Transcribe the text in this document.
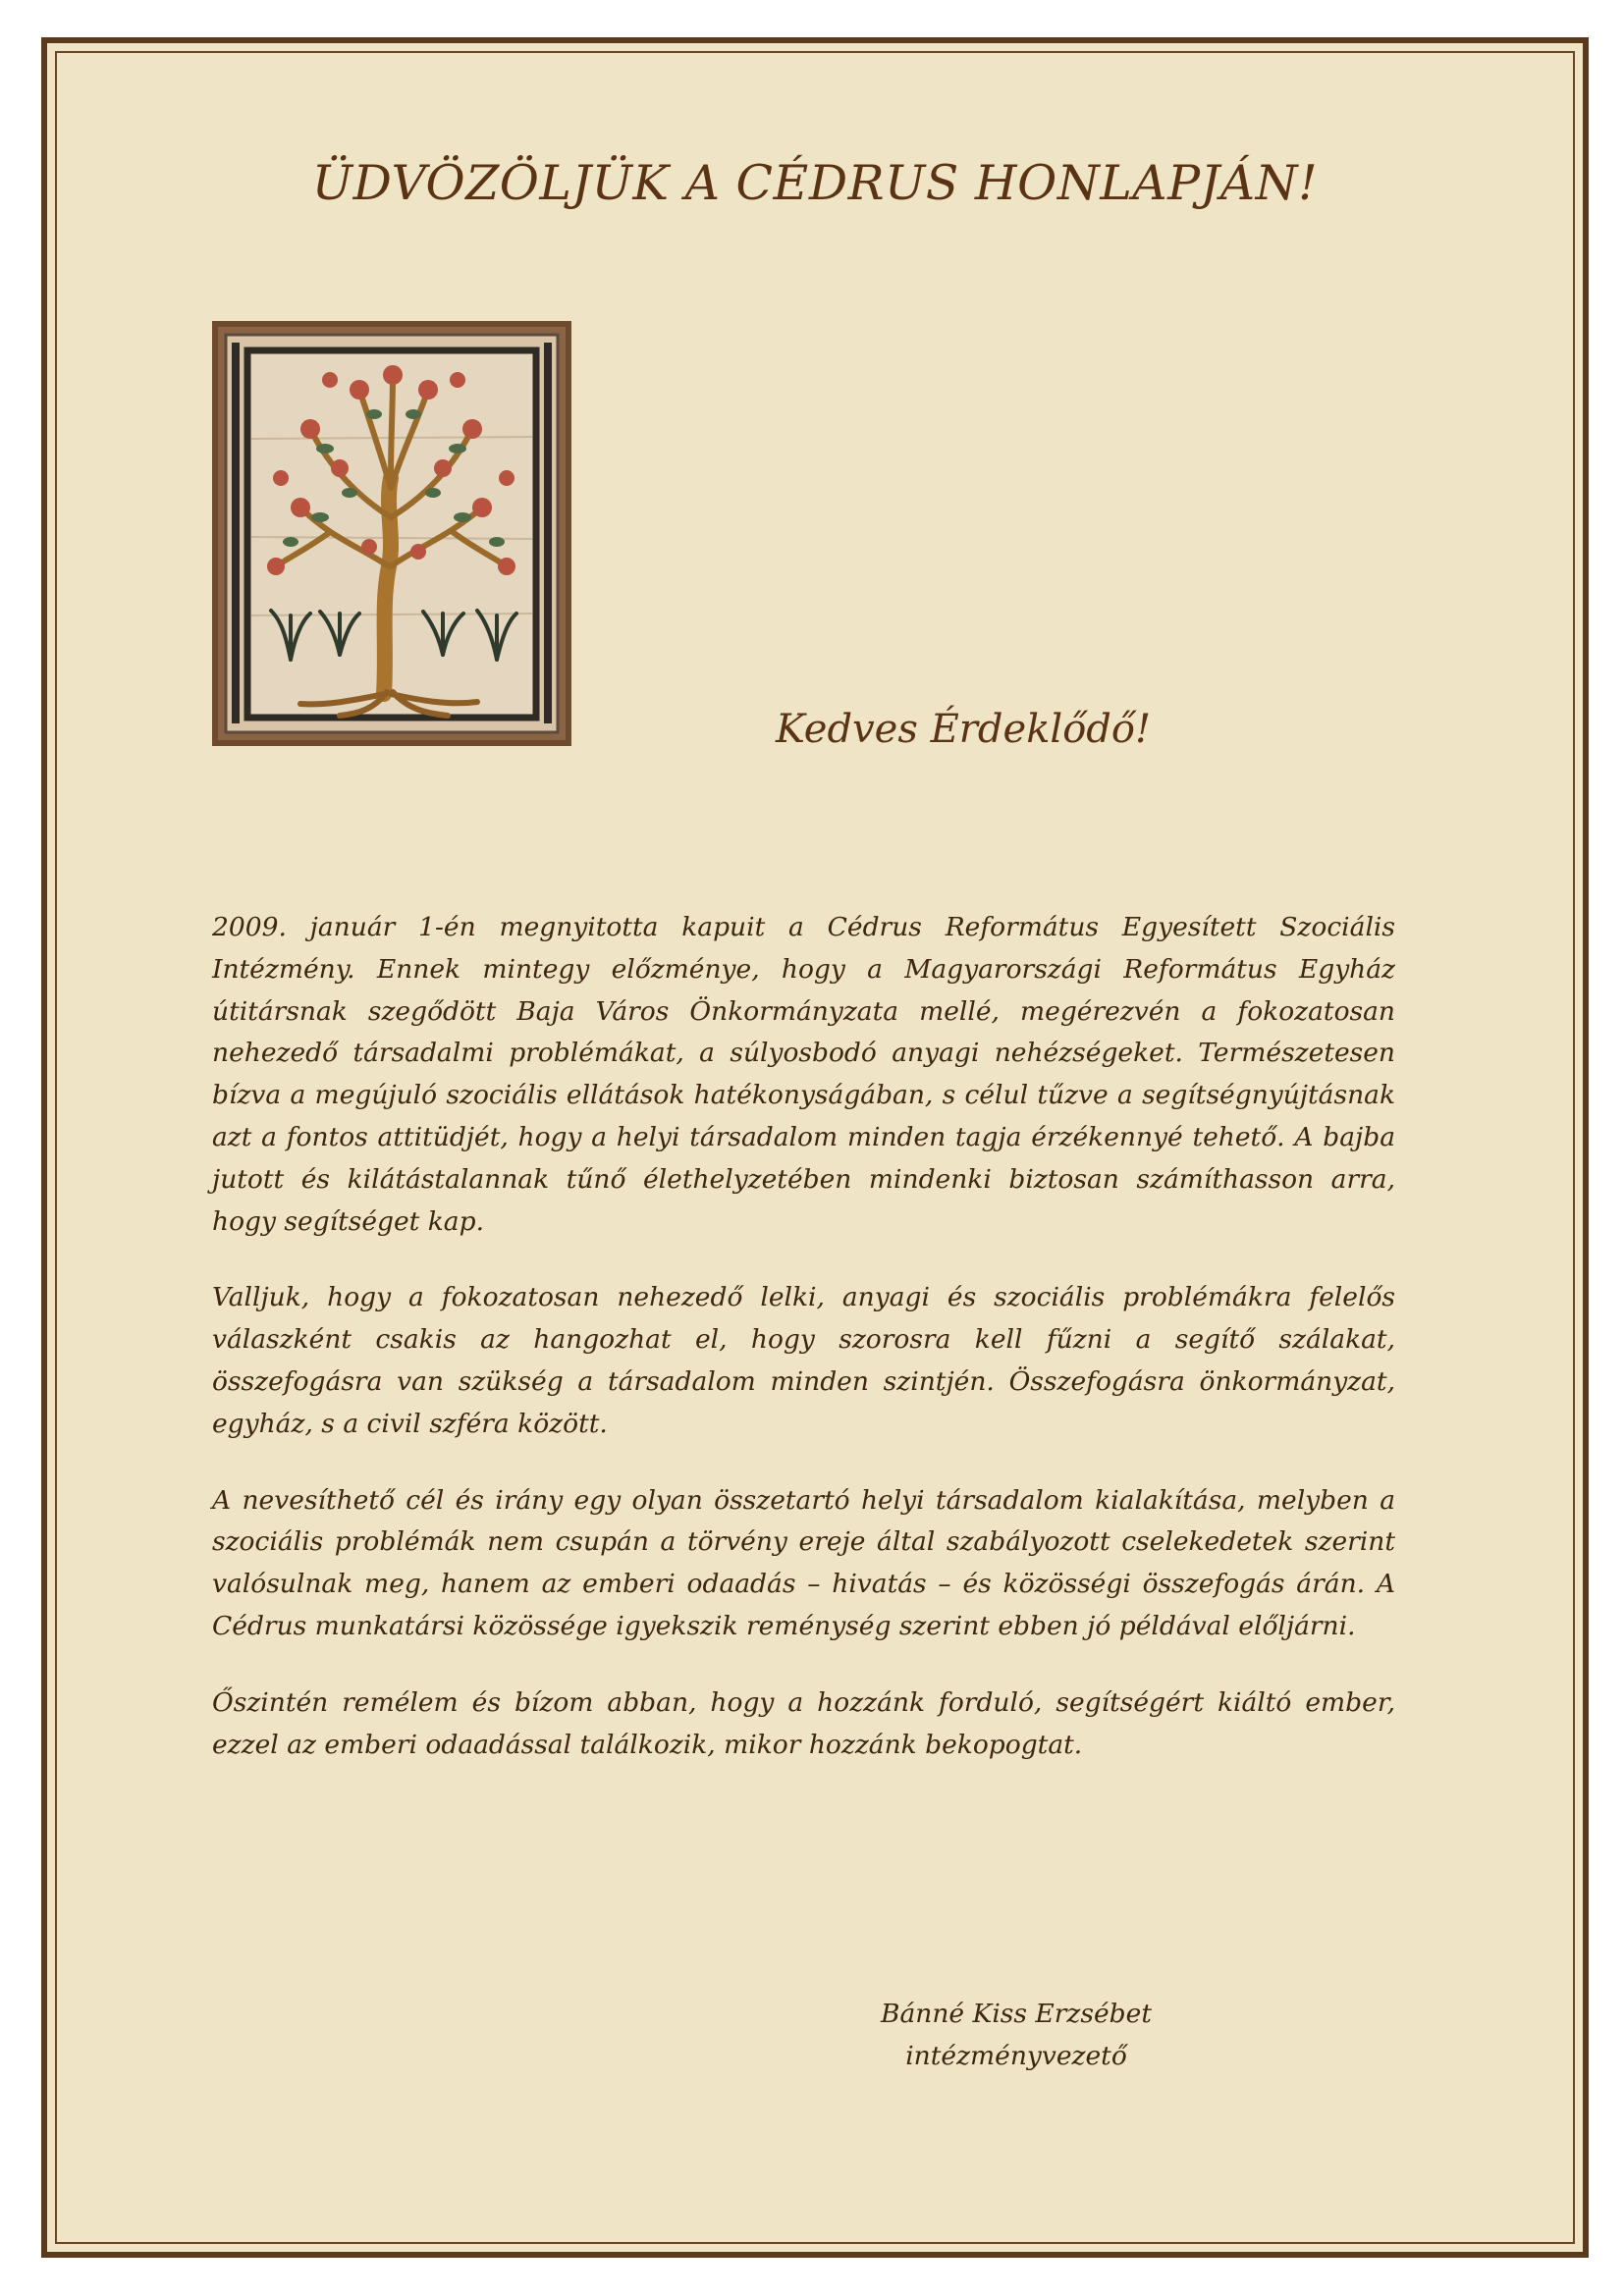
ÜDVÖZÖLJÜK A CÉDRUS HONLAPJÁN!
Kedves Érdeklődő!

2009. január 1-én megnyitotta kapuit a Cédrus Református Egyesített Szociális Intézmény. Ennek mintegy előzménye, hogy a Magyarországi Református Egyház útitársnak szegődött Baja Város Önkormányzata mellé, megérezvén a fokozatosan nehezedő társadalmi problémákat, a súlyosbodó anyagi nehézségeket. Természetesen bízva a megújuló szociális ellátások hatékonyságában, s célul tűzve a segítségnyújtásnak azt a fontos attitüdjét, hogy a helyi társadalom minden tagja érzékennyé tehető. A bajba jutott és kilátástalannak tűnő élethelyzetében mindenki biztosan számíthasson arra, hogy segítséget kap.

Valljuk, hogy a fokozatosan nehezedő lelki, anyagi és szociális problémákra felelős válaszként csakis az hangozhat el, hogy szorosra kell fűzni a segítő szálakat, összefogásra van szükség a társadalom minden szintjén. Összefogásra önkormányzat, egyház, s a civil szféra között.

A nevesíthető cél és irány egy olyan összetartó helyi társadalom kialakítása, melyben a szociális problémák nem csupán a törvény ereje által szabályozott cselekedetek szerint valósulnak meg, hanem az emberi odaadás – hivatás – és közösségi összefogás árán. A Cédrus munkatársi közössége igyekszik reménység szerint ebben jó példával előljárni.

Őszintén remélem és bízom abban, hogy a hozzánk forduló, segítségért kiáltó ember, ezzel az emberi odaadással találkozik, mikor hozzánk bekopogtat.

Bánné Kiss Erzsébet
intézményvezető
